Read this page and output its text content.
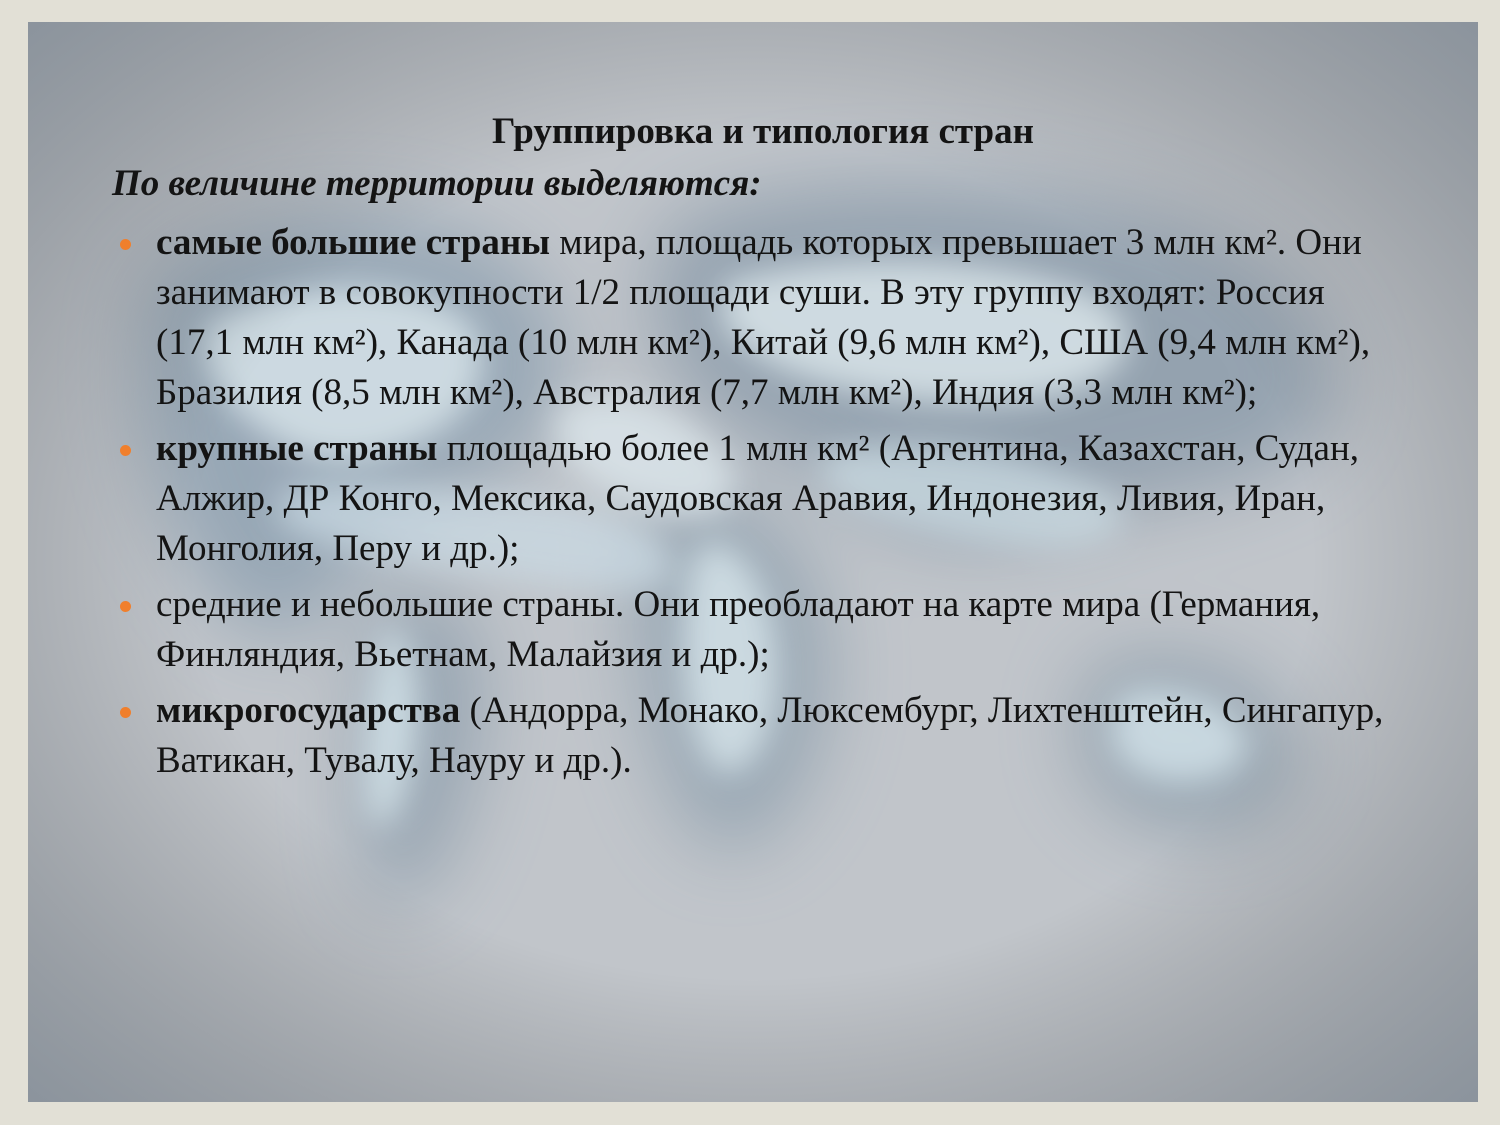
Группировка и типология стран
По величине территории выделяются:
самые большие страны мира, площадь которых превышает 3 млн км². Они занимают в совокупности 1/2 площади суши. В эту группу входят: Россия (17,1 млн км²), Канада (10 млн км²), Китай (9,6 млн км²), США (9,4 млн км²), Бразилия (8,5 млн км²), Австралия (7,7 млн км²), Индия (3,3 млн км²);
крупные страны площадью более 1 млн км² (Аргентина, Казахстан, Судан, Алжир, ДР Конго, Мексика, Саудовская Аравия, Индонезия, Ливия, Иран, Монголия, Перу и др.);
средние и небольшие страны. Они преобладают на карте мира (Германия, Финляндия, Вьетнам, Малайзия и др.);
микрогосударства (Андорра, Монако, Люксембург, Лихтенштейн, Сингапур, Ватикан, Тувалу, Науру и др.).
